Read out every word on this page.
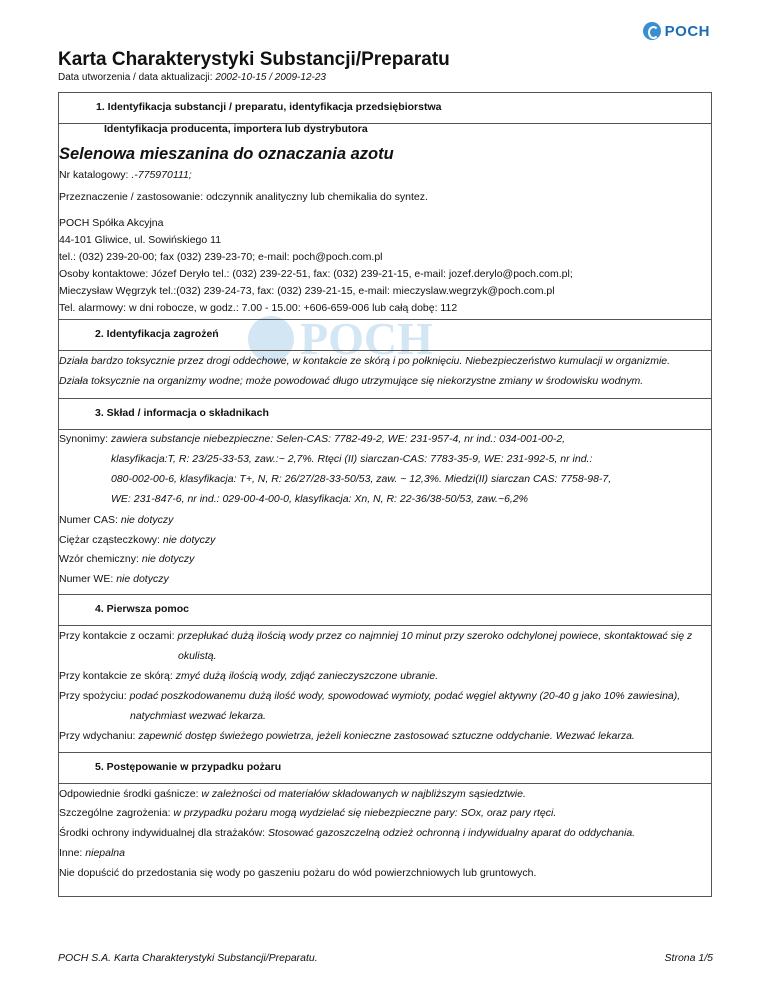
POCH
Karta Charakterystyki Substancji/Preparatu
Data utworzenia / data aktualizacji: 2002-10-15 / 2009-12-23
POCH
1. Identyfikacja substancji / preparatu, identyfikacja przedsiębiorstwa
Identyfikacja producenta, importera lub dystrybutora
Selenowa mieszanina do oznaczania azotu
Nr katalogowy: .-775970111;
Przeznaczenie / zastosowanie: odczynnik analityczny lub chemikalia do syntez.
POCH Spółka Akcyjna
44-101 Gliwice, ul. Sowińskiego 11
tel.: (032) 239-20-00; fax (032) 239-23-70; e-mail: poch@poch.com.pl
Osoby kontaktowe: Józef Deryło tel.: (032) 239-22-51, fax: (032) 239-21-15, e-mail: jozef.derylo@poch.com.pl;
Mieczysław Węgrzyk tel.:(032) 239-24-73, fax: (032) 239-21-15, e-mail: mieczyslaw.wegrzyk@poch.com.pl
Tel. alarmowy: w dni robocze, w godz.: 7.00 - 15.00: +606-659-006 lub całą dobę: 112
2. Identyfikacja zagrożeń
Działa bardzo toksycznie przez drogi oddechowe, w kontakcie ze skórą i po połknięciu. Niebezpieczeństwo kumulacji w organizmie.
Działa toksycznie na organizmy wodne; może powodować długo utrzymujące się niekorzystne zmiany w środowisku wodnym.
3. Skład / informacja o składnikach
Synonimy: zawiera substancje niebezpieczne: Selen-CAS: 7782-49-2, WE: 231-957-4, nr ind.: 034-001-00-2,
klasyfikacja:T, R: 23/25-33-53, zaw.:~ 2,7%. Rtęci (II) siarczan-CAS: 7783-35-9, WE: 231-992-5, nr ind.:
080-002-00-6, klasyfikacja: T+, N, R: 26/27/28-33-50/53, zaw. ~ 12,3%. Miedzi(II) siarczan CAS: 7758-98-7,
WE: 231-847-6, nr ind.: 029-00-4-00-0, klasyfikacja: Xn, N, R: 22-36/38-50/53, zaw.~6,2%
Numer CAS: nie dotyczy
Ciężar cząsteczkowy: nie dotyczy
Wzór chemiczny: nie dotyczy
Numer WE: nie dotyczy
4. Pierwsza pomoc
Przy kontakcie z oczami: przepłukać dużą ilością wody przez co najmniej 10 minut przy szeroko odchylonej powiece, skontaktować się z
okulistą.
Przy kontakcie ze skórą: zmyć dużą ilością wody, zdjąć zanieczyszczone ubranie.
Przy spożyciu: podać poszkodowanemu dużą ilość wody, spowodować wymioty, podać węgiel aktywny (20-40 g jako 10% zawiesina),
natychmiast wezwać lekarza.
Przy wdychaniu: zapewnić dostęp świeżego powietrza, jeżeli konieczne zastosować sztuczne oddychanie. Wezwać lekarza.
5. Postępowanie w przypadku pożaru
Odpowiednie środki gaśnicze: w zależności od materiałów składowanych w najbliższym sąsiedztwie.
Szczególne zagrożenia: w przypadku pożaru mogą wydzielać się niebezpieczne pary: SOx, oraz pary rtęci.
Środki ochrony indywidualnej dla strażaków: Stosować gazoszczelną odzież ochronną i indywidualny aparat do oddychania.
Inne: niepalna
Nie dopuścić do przedostania się wody po gaszeniu pożaru do wód powierzchniowych lub gruntowych.
POCH S.A. Karta Charakterystyki Substancji/Preparatu.	Strona 1/5
